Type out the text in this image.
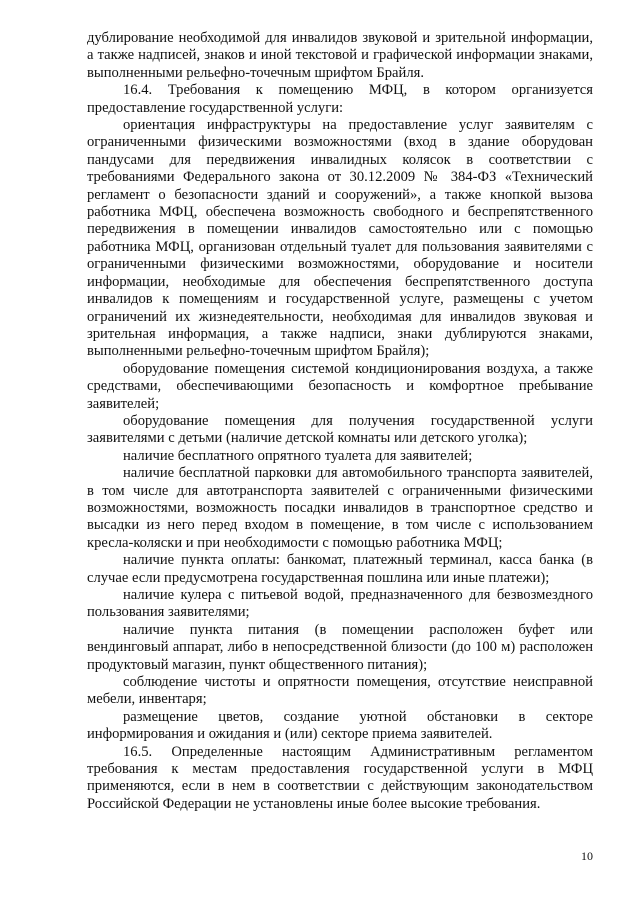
дублирование необходимой для инвалидов звуковой и зрительной информации, а также надписей, знаков и иной текстовой и графической информации знаками, выполненными рельефно-точечным шрифтом Брайля.

16.4. Требования к помещению МФЦ, в котором организуется предоставление государственной услуги:

ориентация инфраструктуры на предоставление услуг заявителям с ограниченными физическими возможностями (вход в здание оборудован пандусами для передвижения инвалидных колясок в соответствии с требованиями Федерального закона от 30.12.2009 № 384-ФЗ «Технический регламент о безопасности зданий и сооружений», а также кнопкой вызова работника МФЦ, обеспечена возможность свободного и беспрепятственного передвижения в помещении инвалидов самостоятельно или с помощью работника МФЦ, организован отдельный туалет для пользования заявителями с ограниченными физическими возможностями, оборудование и носители информации, необходимые для обеспечения беспрепятственного доступа инвалидов к помещениям и государственной услуге, размещены с учетом ограничений их жизнедеятельности, необходимая для инвалидов звуковая и зрительная информация, а также надписи, знаки дублируются знаками, выполненными рельефно-точечным шрифтом Брайля);

оборудование помещения системой кондиционирования воздуха, а также средствами, обеспечивающими безопасность и комфортное пребывание заявителей;

оборудование помещения для получения государственной услуги заявителями с детьми (наличие детской комнаты или детского уголка);

наличие бесплатного опрятного туалета для заявителей;

наличие бесплатной парковки для автомобильного транспорта заявителей, в том числе для автотранспорта заявителей с ограниченными физическими возможностями, возможность посадки инвалидов в транспортное средство и высадки из него перед входом в помещение, в том числе с использованием кресла-коляски и при необходимости с помощью работника МФЦ;

наличие пункта оплаты: банкомат, платежный терминал, касса банка (в случае если предусмотрена государственная пошлина или иные платежи);

наличие кулера с питьевой водой, предназначенного для безвозмездного пользования заявителями;

наличие пункта питания (в помещении расположен буфет или вендинговый аппарат, либо в непосредственной близости (до 100 м) расположен продуктовый магазин, пункт общественного питания);

соблюдение чистоты и опрятности помещения, отсутствие неисправной мебели, инвентаря;

размещение цветов, создание уютной обстановки в секторе информирования и ожидания и (или) секторе приема заявителей.

16.5. Определенные настоящим Административным регламентом требования к местам предоставления государственной услуги в МФЦ применяются, если в нем в соответствии с действующим законодательством Российской Федерации не установлены иные более высокие требования.

10
